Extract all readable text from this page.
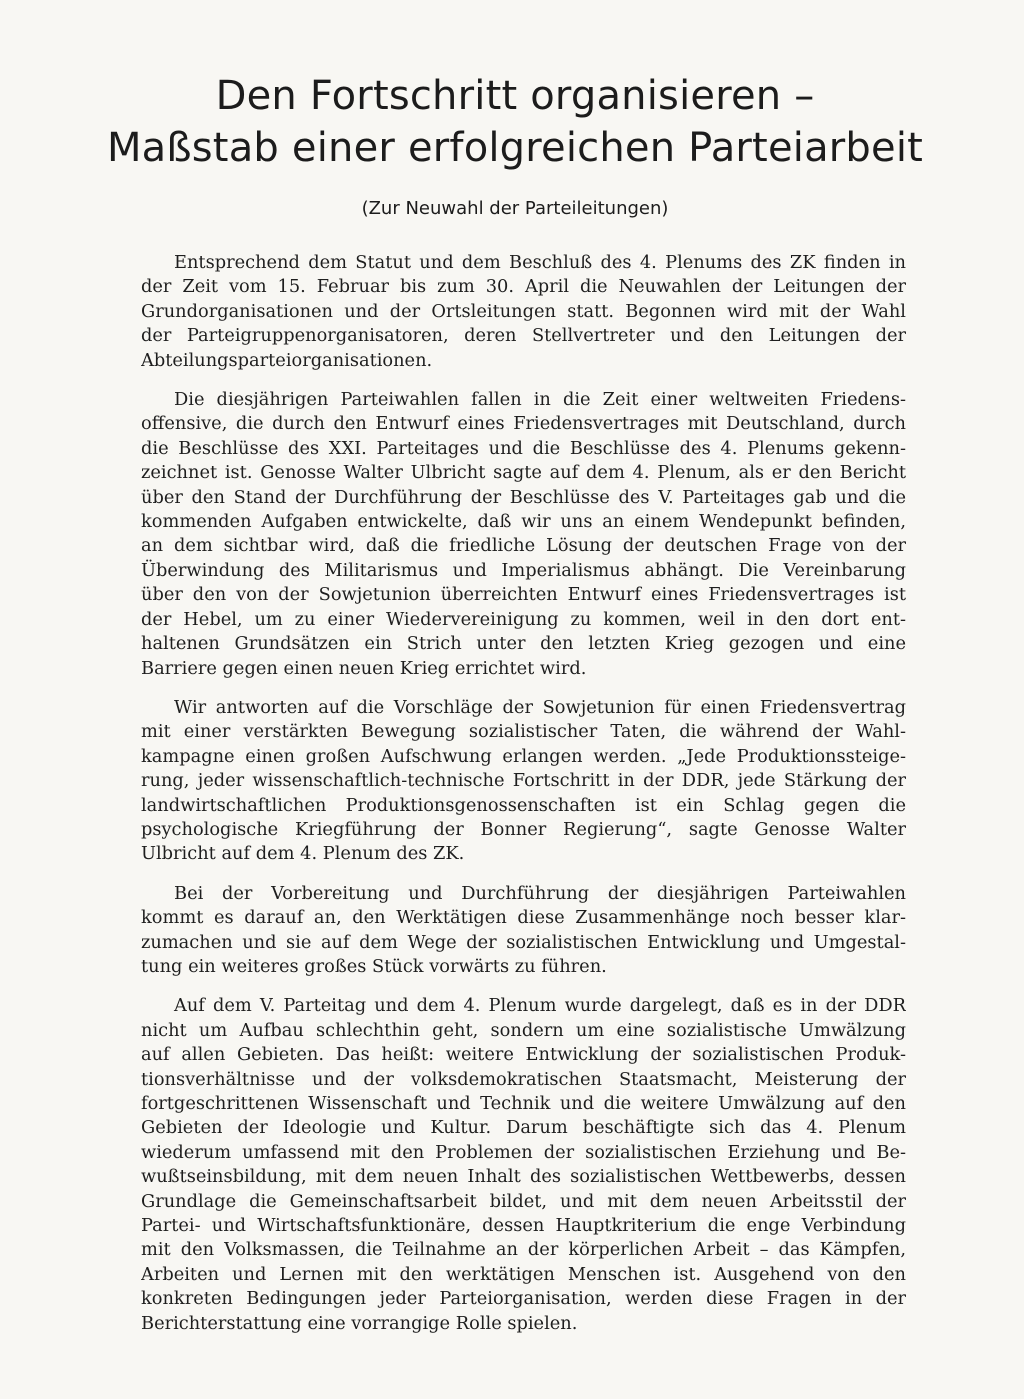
Den Fortschritt organisieren –
Maßstab einer erfolgreichen Parteiarbeit

(Zur Neuwahl der Parteileitungen)

Entsprechend dem Statut und dem Beschluß des 4. Plenums des ZK finden in
der Zeit vom 15. Februar bis zum 30. April die Neuwahlen der Leitungen der
Grundorganisationen und der Ortsleitungen statt. Begonnen wird mit der Wahl
der Parteigruppenorganisatoren, deren Stellvertreter und den Leitungen der
Abteilungsparteiorganisationen.

Die diesjährigen Parteiwahlen fallen in die Zeit einer weltweiten Friedens-
offensive, die durch den Entwurf eines Friedensvertrages mit Deutschland, durch
die Beschlüsse des XXI. Parteitages und die Beschlüsse des 4. Plenums gekenn-
zeichnet ist. Genosse Walter Ulbricht sagte auf dem 4. Plenum, als er den Bericht
über den Stand der Durchführung der Beschlüsse des V. Parteitages gab und die
kommenden Aufgaben entwickelte, daß wir uns an einem Wendepunkt befinden,
an dem sichtbar wird, daß die friedliche Lösung der deutschen Frage von der
Überwindung des Militarismus und Imperialismus abhängt. Die Vereinbarung
über den von der Sowjetunion überreichten Entwurf eines Friedensvertrages ist
der Hebel, um zu einer Wiedervereinigung zu kommen, weil in den dort ent-
haltenen Grundsätzen ein Strich unter den letzten Krieg gezogen und eine
Barriere gegen einen neuen Krieg errichtet wird.

Wir antworten auf die Vorschläge der Sowjetunion für einen Friedensvertrag
mit einer verstärkten Bewegung sozialistischer Taten, die während der Wahl-
kampagne einen großen Aufschwung erlangen werden. „Jede Produktionssteige-
rung, jeder wissenschaftlich-technische Fortschritt in der DDR, jede Stärkung der
landwirtschaftlichen Produktionsgenossenschaften ist ein Schlag gegen die
psychologische Kriegführung der Bonner Regierung“, sagte Genosse Walter
Ulbricht auf dem 4. Plenum des ZK.

Bei der Vorbereitung und Durchführung der diesjährigen Parteiwahlen
kommt es darauf an, den Werktätigen diese Zusammenhänge noch besser klar-
zumachen und sie auf dem Wege der sozialistischen Entwicklung und Umgestal-
tung ein weiteres großes Stück vorwärts zu führen.

Auf dem V. Parteitag und dem 4. Plenum wurde dargelegt, daß es in der DDR
nicht um Aufbau schlechthin geht, sondern um eine sozialistische Umwälzung
auf allen Gebieten. Das heißt: weitere Entwicklung der sozialistischen Produk-
tionsverhältnisse und der volksdemokratischen Staatsmacht, Meisterung der
fortgeschrittenen Wissenschaft und Technik und die weitere Umwälzung auf den
Gebieten der Ideologie und Kultur. Darum beschäftigte sich das 4. Plenum
wiederum umfassend mit den Problemen der sozialistischen Erziehung und Be-
wußtseinsbildung, mit dem neuen Inhalt des sozialistischen Wettbewerbs, dessen
Grundlage die Gemeinschaftsarbeit bildet, und mit dem neuen Arbeitsstil der
Partei- und Wirtschaftsfunktionäre, dessen Hauptkriterium die enge Verbindung
mit den Volksmassen, die Teilnahme an der körperlichen Arbeit – das Kämpfen,
Arbeiten und Lernen mit den werktätigen Menschen ist. Ausgehend von den
konkreten Bedingungen jeder Parteiorganisation, werden diese Fragen in der
Berichterstattung eine vorrangige Rolle spielen.
